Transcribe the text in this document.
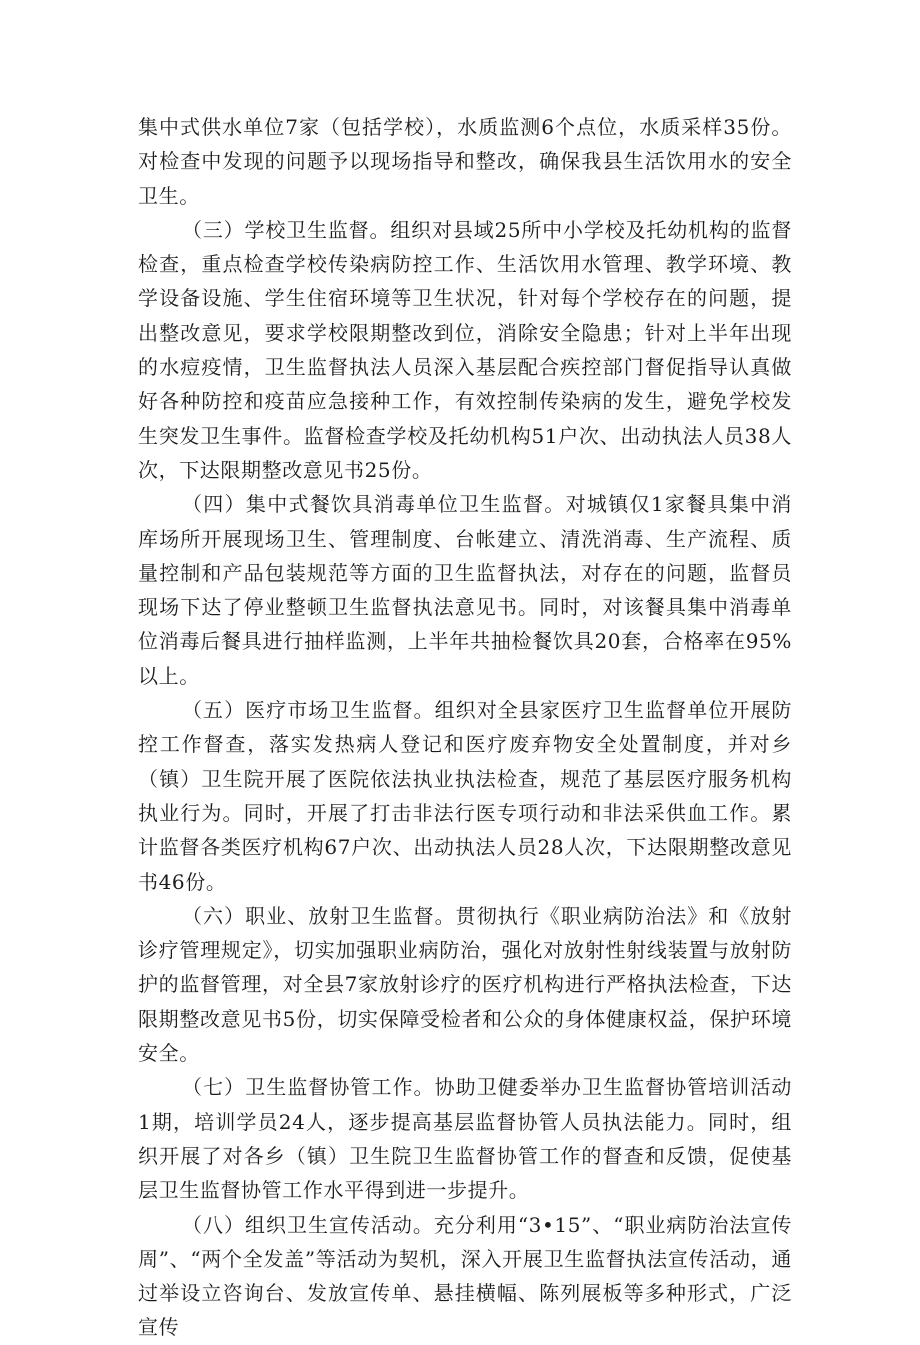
集中式供水单位7家（包括学校），水质监测6个点位，水质采样35份。对检查中发现的问题予以现场指导和整改，确保我县生活饮用水的安全卫生。

（三）学校卫生监督。组织对县域25所中小学校及托幼机构的监督检查，重点检查学校传染病防控工作、生活饮用水管理、教学环境、教学设备设施、学生住宿环境等卫生状况，针对每个学校存在的问题，提出整改意见，要求学校限期整改到位，消除安全隐患；针对上半年出现的水痘疫情，卫生监督执法人员深入基层配合疾控部门督促指导认真做好各种防控和疫苗应急接种工作，有效控制传染病的发生，避免学校发生突发卫生事件。监督检查学校及托幼机构51户次、出动执法人员38人次，下达限期整改意见书25份。

（四）集中式餐饮具消毒单位卫生监督。对城镇仅1家餐具集中消库场所开展现场卫生、管理制度、台帐建立、清洗消毒、生产流程、质量控制和产品包装规范等方面的卫生监督执法，对存在的问题，监督员现场下达了停业整顿卫生监督执法意见书。同时，对该餐具集中消毒单位消毒后餐具进行抽样监测，上半年共抽检餐饮具20套，合格率在95%以上。

（五）医疗市场卫生监督。组织对全县家医疗卫生监督单位开展防控工作督查，落实发热病人登记和医疗废弃物安全处置制度，并对乡（镇）卫生院开展了医院依法执业执法检查，规范了基层医疗服务机构执业行为。同时，开展了打击非法行医专项行动和非法采供血工作。累计监督各类医疗机构67户次、出动执法人员28人次，下达限期整改意见书46份。

（六）职业、放射卫生监督。贯彻执行《职业病防治法》和《放射诊疗管理规定》，切实加强职业病防治，强化对放射性射线装置与放射防护的监督管理，对全县7家放射诊疗的医疗机构进行严格执法检查，下达限期整改意见书5份，切实保障受检者和公众的身体健康权益，保护环境安全。

（七）卫生监督协管工作。协助卫健委举办卫生监督协管培训活动1期，培训学员24人，逐步提高基层监督协管人员执法能力。同时，组织开展了对各乡（镇）卫生院卫生监督协管工作的督查和反馈，促使基层卫生监督协管工作水平得到进一步提升。

（八）组织卫生宣传活动。充分利用“3•15”、“职业病防治法宣传周”、“两个全发盖”等活动为契机，深入开展卫生监督执法宣传活动，通过举设立咨询台、发放宣传单、悬挂横幅、陈列展板等多种形式，广泛宣传
